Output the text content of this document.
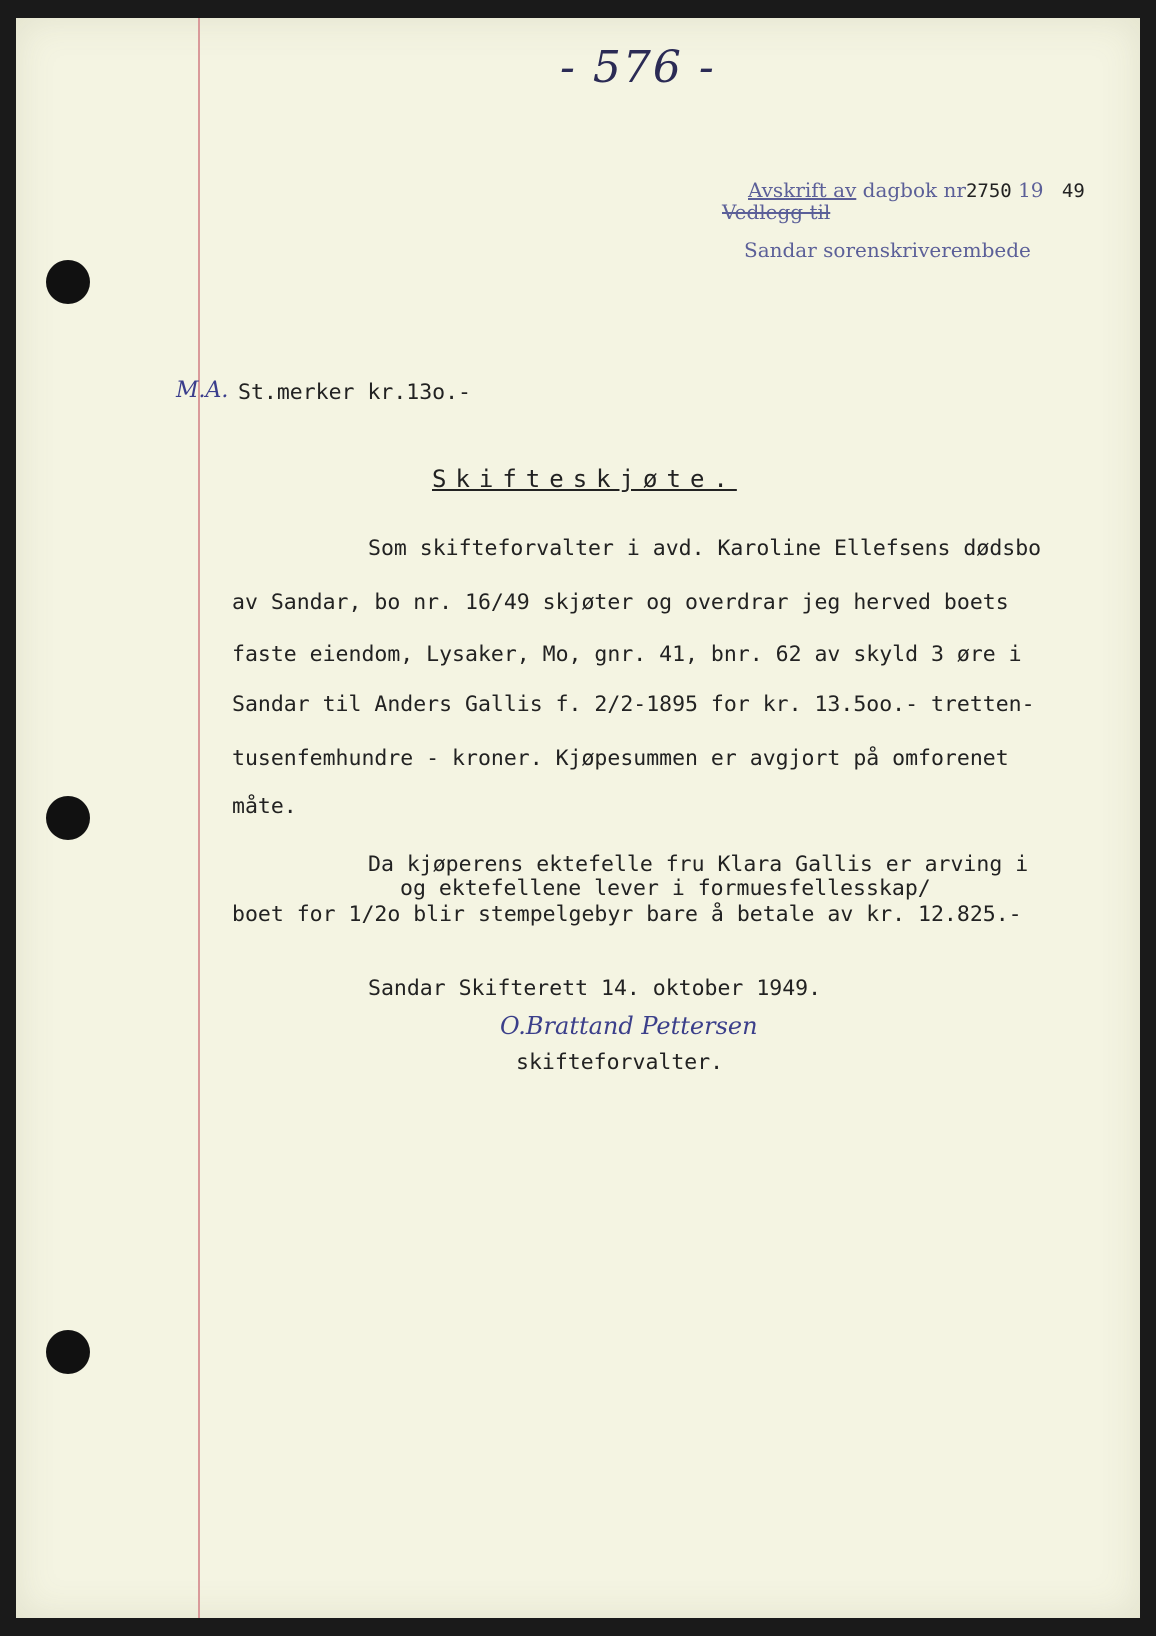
- 576 -
Avskrift av dagbok nr2750 19 49
Vedlegg til
Sandar sorenskriverembede
M.A. St.merker kr.13o.-
Skifteskjøte.
Som skifteforvalter i avd. Karoline Ellefsens dødsbo
av Sandar, bo nr. 16/49 skjøter og overdrar jeg herved boets
faste eiendom, Lysaker, Mo, gnr. 41, bnr. 62 av skyld 3 øre i
Sandar til Anders Gallis f. 2/2-1895 for kr. 13.5oo.- tretten-
tusenfemhundre - kroner. Kjøpesummen er avgjort på omforenet
måte.
Da kjøperens ektefelle fru Klara Gallis er arving i
og ektefellene lever i formuesfellesskap/
boet for 1/2o blir stempelgebyr bare å betale av kr. 12.825.-
Sandar Skifterett 14. oktober 1949.
O.Brattand Pettersen
skifteforvalter.
